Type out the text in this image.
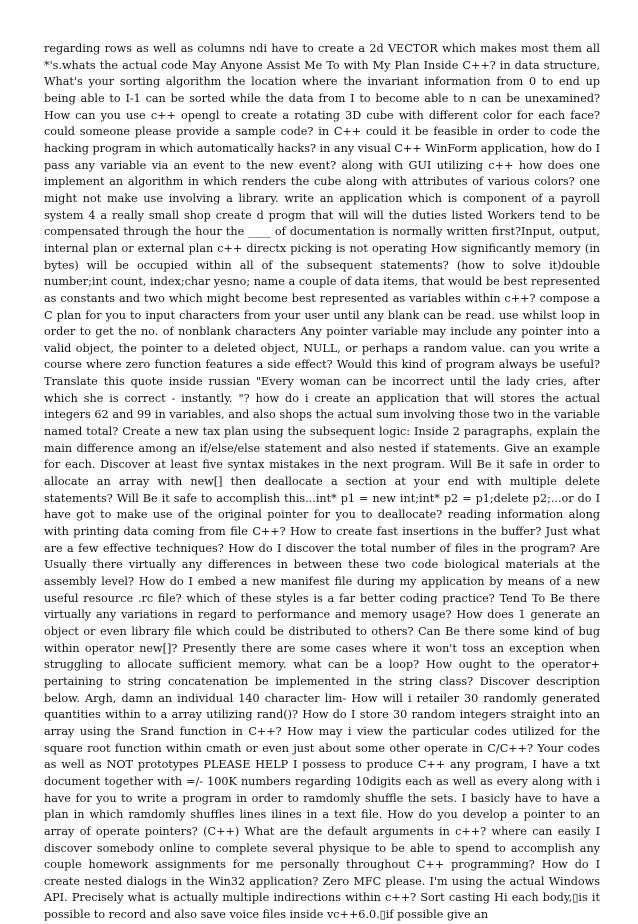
regarding rows as well as columns ndi have to create a 2d VECTOR which makes most them all *'s.whats the actual code May Anyone Assist Me To with My Plan Inside C++? in data structure, What's your sorting algorithm the location where the invariant information from 0 to end up being able to I-1 can be sorted while the data from I to become able to n can be unexamined? How can you use c++ opengl to create a rotating 3D cube with different color for each face? could someone please provide a sample code? in C++ could it be feasible in order to code the hacking program in which automatically hacks? in any visual C++ WinForm application, how do I pass any variable via an event to the new event? along with GUI utilizing c++ how does one implement an algorithm in which renders the cube along with attributes of various colors? one might not make use involving a library. write an application which is component of a payroll system 4 a really small shop create d progm that will will the duties listed Workers tend to be compensated through the hour the ____ of documentation is normally written first?Input, output, internal plan or external plan c++ directx picking is not operating How significantly memory (in bytes) will be occupied within all of the subsequent statements? (how to solve it)double number;int count, index;char yesno; name a couple of data items, that would be best represented as constants and two which might become best represented as variables within c++? compose a C plan for you to input characters from your user until any blank can be read. use whilst loop in order to get the no. of nonblank characters Any pointer variable may include any pointer into a valid object, the pointer to a deleted object, NULL, or perhaps a random value. can you write a course where zero function features a side effect? Would this kind of program always be useful? Translate this quote inside russian "Every woman can be incorrect until the lady cries, after which she is correct - instantly. "? how do i create an application that will stores the actual integers 62 and 99 in variables, and also shops the actual sum involving those two in the variable named total? Create a new tax plan using the subsequent logic: Inside 2 paragraphs, explain the main difference among an if/else/else statement and also nested if statements. Give an example for each. Discover at least five syntax mistakes in the next program. Will Be it safe in order to allocate an array with new[] then deallocate a section at your end with multiple delete statements? Will Be it safe to accomplish this...int* p1 = new int;int* p2 = p1;delete p2;...or do I have got to make use of the original pointer for you to deallocate? reading information along with printing data coming from file C++? How to create fast insertions in the buffer? Just what are a few effective techniques? How do I discover the total number of files in the program? Are Usually there virtually any differences in between these two code biological materials at the assembly level? How do I embed a new manifest file during my application by means of a new useful resource .rc file? which of these styles is a far better coding practice? Tend To Be there virtually any variations in regard to performance and memory usage? How does 1 generate an object or even library file which could be distributed to others? Can Be there some kind of bug within operator new[]? Presently there are some cases where it won't toss an exception when struggling to allocate sufficient memory. what can be a loop? How ought to the operator+ pertaining to string concatenation be implemented in the string class? Discover description below. Argh, damn an individual 140 character lim- How will i retailer 30 randomly generated quantities within to a array utilizing rand()? How do I store 30 random integers straight into an array using the Srand function in C++? How may i view the particular codes utilized for the square root function within cmath or even just about some other operate in C/C++? Your codes as well as NOT prototypes PLEASE HELP I possess to produce C++ any program, I have a txt document together with =/- 100K numbers regarding 10digits each as well as every along with i have for you to write a program in order to ramdomly shuffle the sets. I basicly have to have a plan in which ramdomly shuffles lines ilines in a text file. How do you develop a pointer to an array of operate pointers? (C++) What are the default arguments in c++? where can easily I discover somebody online to complete several physique to be able to spend to accomplish any couple homework assignments for me personally throughout C++ programming? How do I create nested dialogs in the Win32 application? Zero MFC please. I'm using the actual Windows API. Precisely what is actually multiple indirections within c++? Sort casting Hi each body,▯is it possible to record and also save voice files inside vc++6.0.▯if possible give an
